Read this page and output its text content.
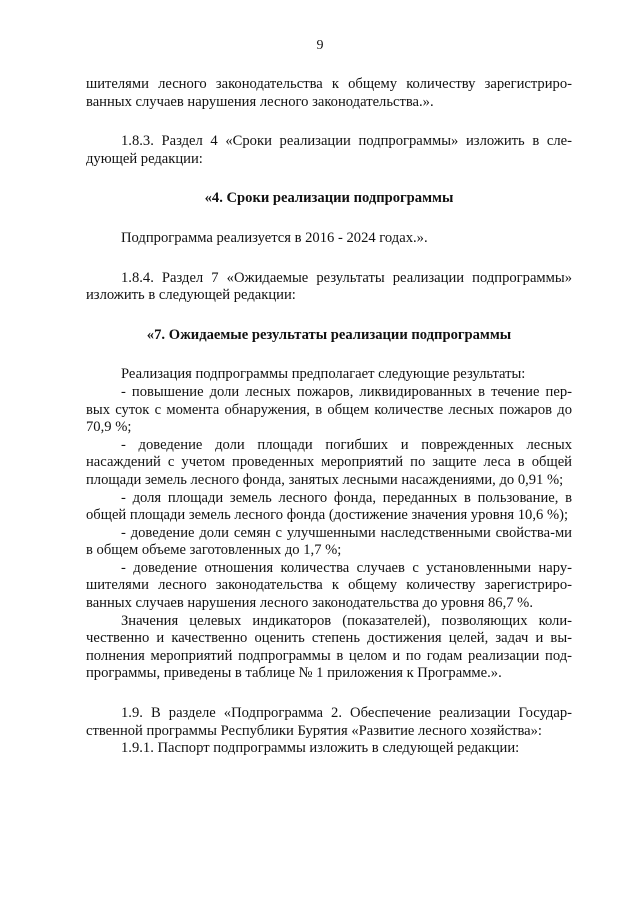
9

шителями лесного законодательства к общему количеству зарегистриро-ванных случаев нарушения лесного законодательства.».

1.8.3. Раздел 4 «Сроки реализации подпрограммы» изложить в сле-дующей редакции:

«4. Сроки реализации подпрограммы

Подпрограмма реализуется в 2016 - 2024 годах.».

1.8.4. Раздел 7 «Ожидаемые результаты реализации подпрограммы» изложить в следующей редакции:

«7. Ожидаемые результаты реализации подпрограммы

Реализация подпрограммы предполагает следующие результаты:

- повышение доли лесных пожаров, ликвидированных в течение пер-вых суток с момента обнаружения, в общем количестве лесных пожаров до 70,9 %;

- доведение доли площади погибших и поврежденных лесных насаждений с учетом проведенных мероприятий по защите леса в общей площади земель лесного фонда, занятых лесными насаждениями, до 0,91 %;

- доля площади земель лесного фонда, переданных в пользование, в общей площади земель лесного фонда (достижение значения уровня 10,6 %);

- доведение доли семян с улучшенными наследственными свойства-ми в общем объеме заготовленных до 1,7 %;

- доведение отношения количества случаев с установленными нару-шителями лесного законодательства к общему количеству зарегистриро-ванных случаев нарушения лесного законодательства до уровня 86,7 %.

Значения целевых индикаторов (показателей), позволяющих коли-чественно и качественно оценить степень достижения целей, задач и вы-полнения мероприятий подпрограммы в целом и по годам реализации под-программы, приведены в таблице № 1 приложения к Программе.».

1.9. В разделе «Подпрограмма 2. Обеспечение реализации Государ-ственной программы Республики Бурятия «Развитие лесного хозяйства»:

1.9.1. Паспорт подпрограммы изложить в следующей редакции:
